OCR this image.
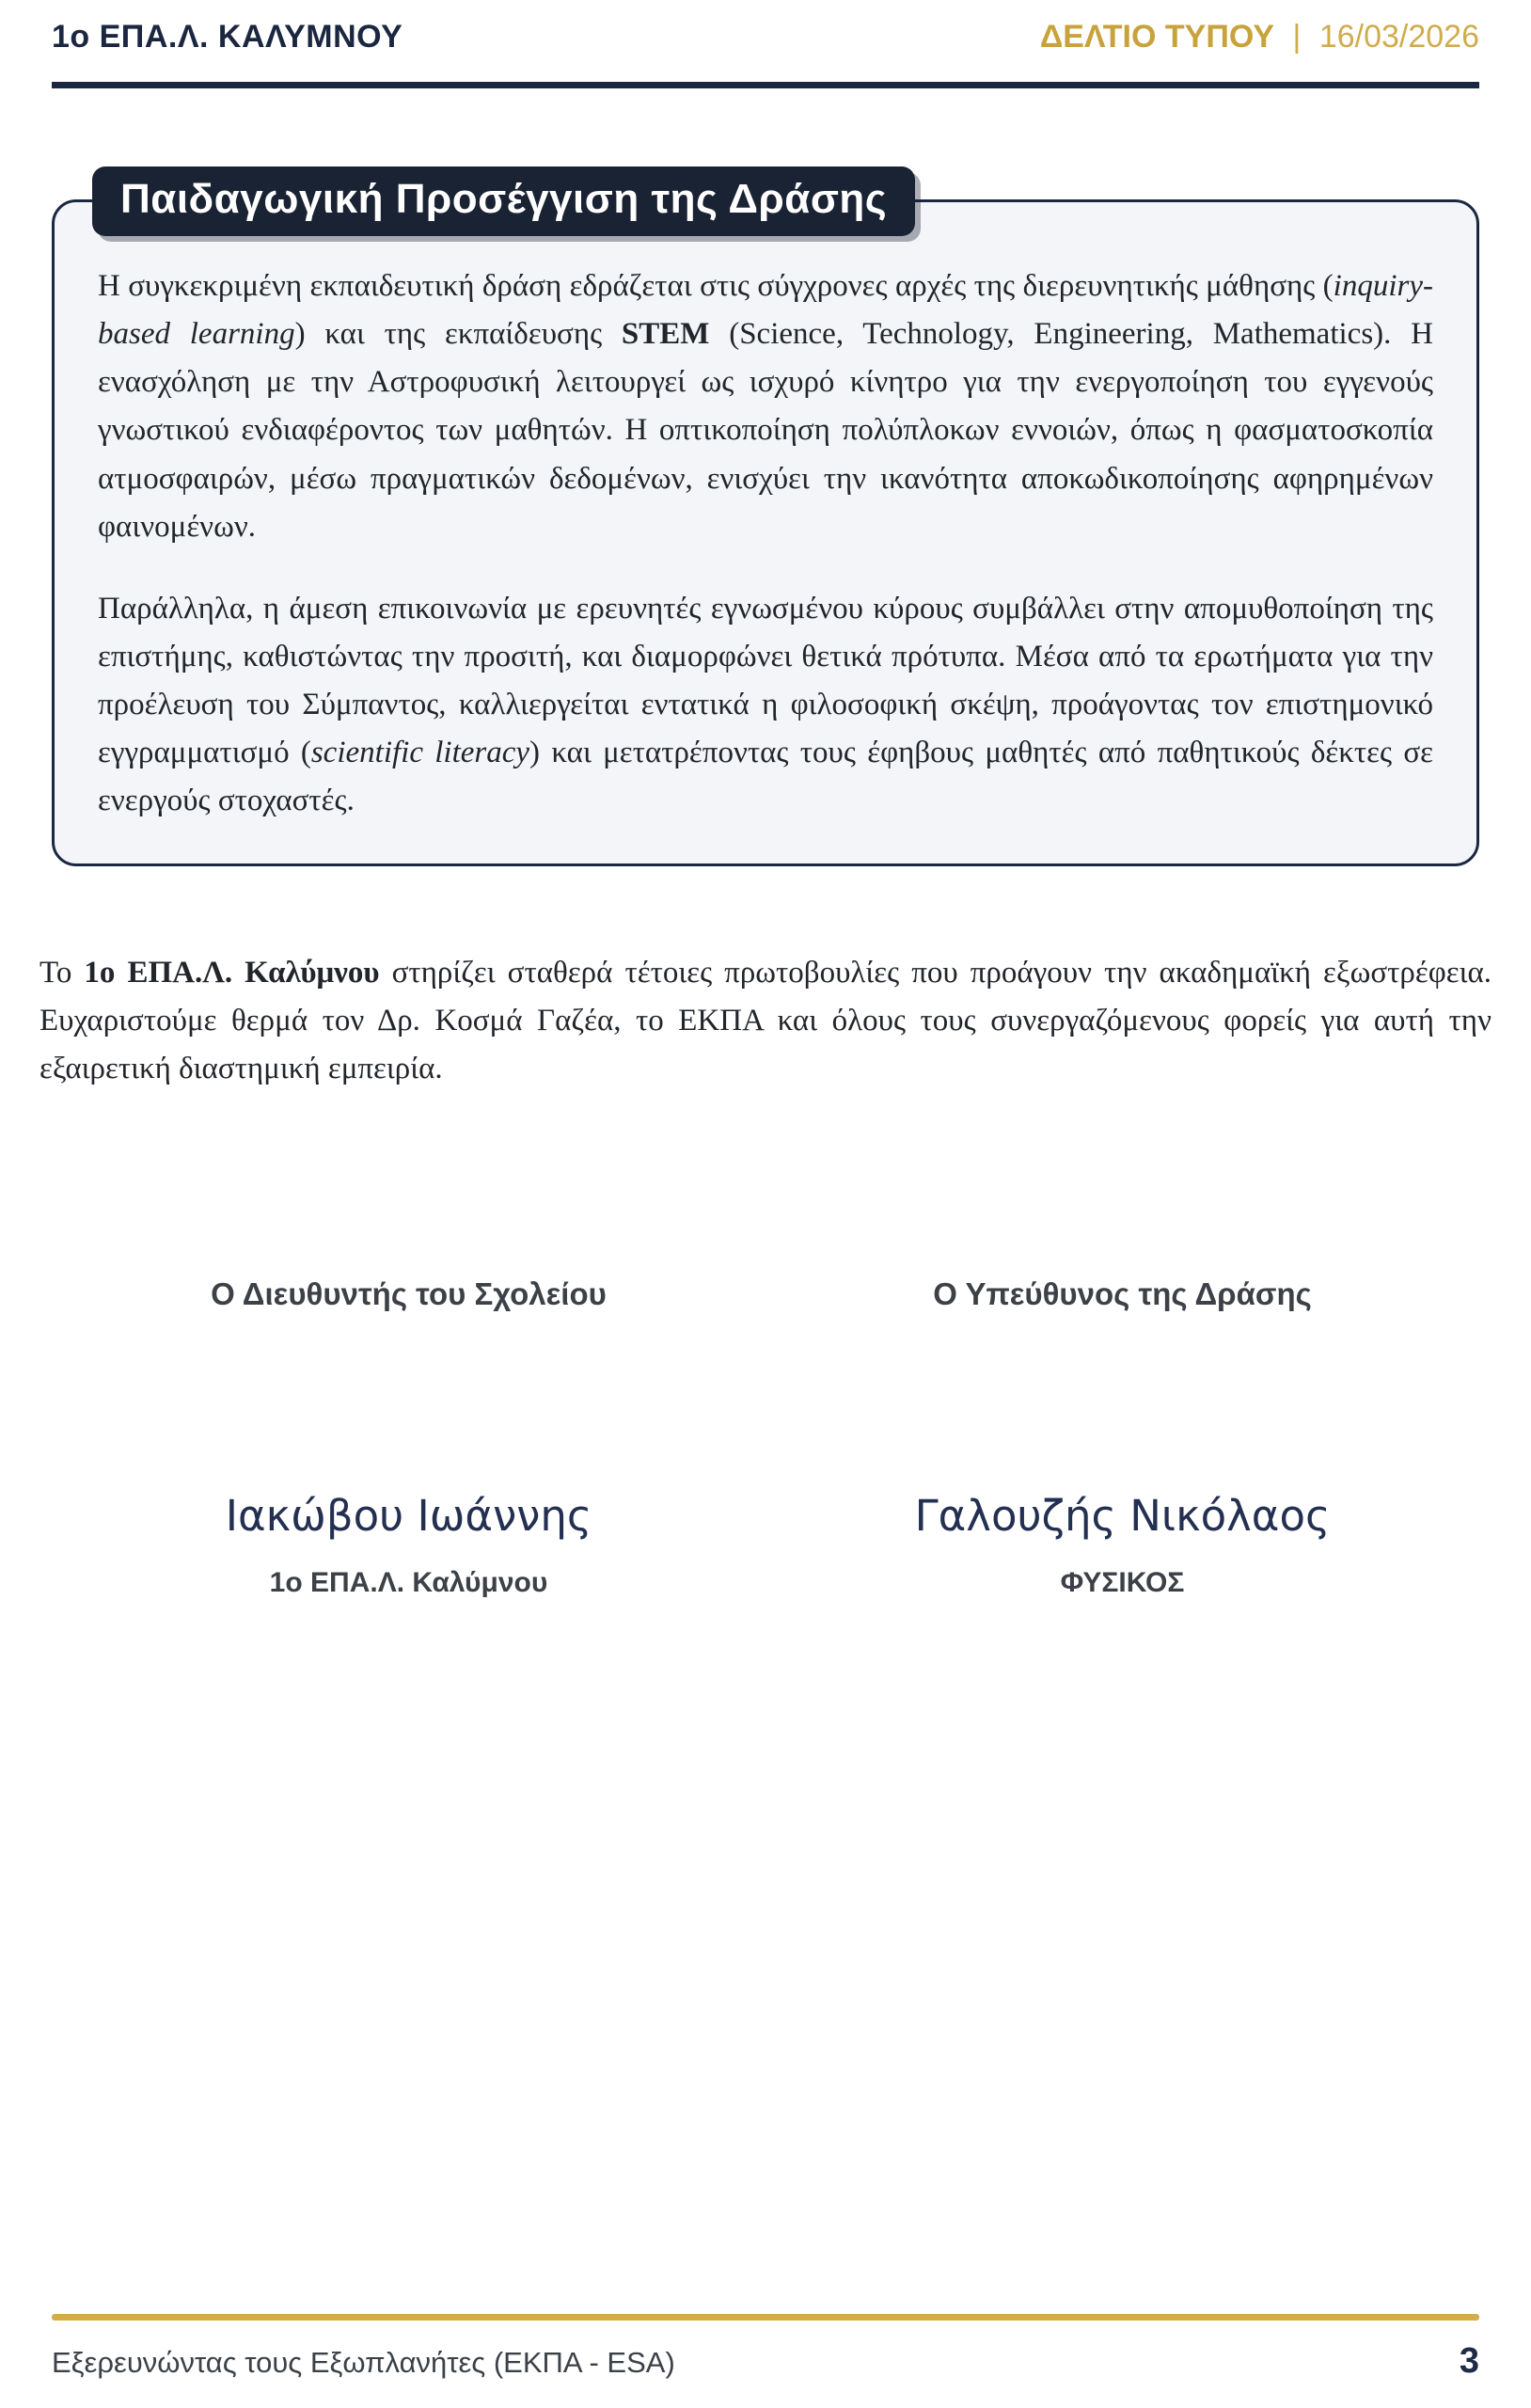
1ο ΕΠΑ.Λ. ΚΑΛΥΜΝΟΥ	ΔΕΛΤΙΟ ΤΥΠΟΥ | 16/03/2026
Παιδαγωγική Προσέγγιση της Δράσης

Η συγκεκριμένη εκπαιδευτική δράση εδράζεται στις σύγχρονες αρχές της διερευνητικής μάθησης (inquiry-based learning) και της εκπαίδευσης STEM (Science, Technology, Engineering, Mathematics). Η ενασχόληση με την Αστροφυσική λειτουργεί ως ισχυρό κίνητρο για την ενεργοποίηση του εγγενούς γνωστικού ενδιαφέροντος των μαθητών. Η οπτικοποίηση πολύπλοκων εννοιών, όπως η φασματοσκοπία ατμοσφαιρών, μέσω πραγματικών δεδομένων, ενισχύει την ικανότητα αποκωδικοποίησης αφηρημένων φαινομένων.

Παράλληλα, η άμεση επικοινωνία με ερευνητές εγνωσμένου κύρους συμβάλλει στην απομυθοποίηση της επιστήμης, καθιστώντας την προσιτή, και διαμορφώνει θετικά πρότυπα. Μέσα από τα ερωτήματα για την προέλευση του Σύμπαντος, καλλιεργείται εντατικά η φιλοσοφική σκέψη, προάγοντας τον επιστημονικό εγγραμματισμό (scientific literacy) και μετατρέποντας τους έφηβους μαθητές από παθητικούς δέκτες σε ενεργούς στοχαστές.

Το 1ο ΕΠΑ.Λ. Καλύμνου στηρίζει σταθερά τέτοιες πρωτοβουλίες που προάγουν την ακαδημαϊκή εξωστρέφεια. Ευχαριστούμε θερμά τον Δρ. Κοσμά Γαζέα, το ΕΚΠΑ και όλους τους συνεργαζόμενους φορείς για αυτή την εξαιρετική διαστημική εμπειρία.

Ο Διευθυντής του Σχολείου
Ιακώβου Ιωάννης
1ο ΕΠΑ.Λ. Καλύμνου
Ο Υπεύθυνος της Δράσης
Γαλουζής Νικόλαος
ΦΥΣΙΚΟΣ
Εξερευνώντας τους Εξωπλανήτες (ΕΚΠΑ - ESA)	3
